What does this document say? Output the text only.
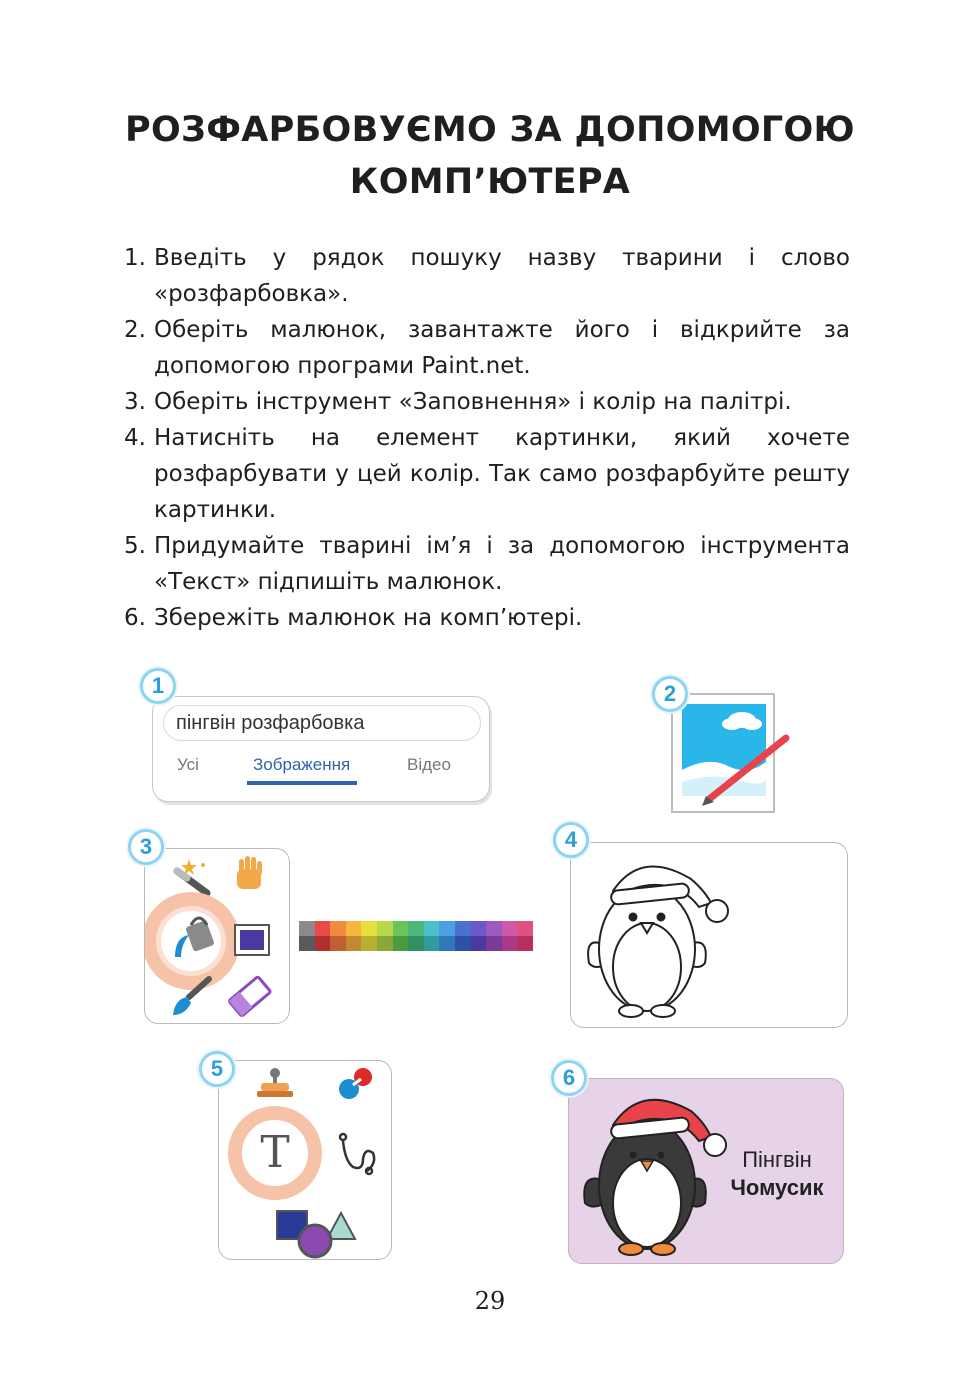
РОЗФАРБОВУЄМО ЗА ДОПОМОГОЮ
КОМП’ЮТЕРА
1. Введіть у рядок пошуку назву тварини і слово «розфарбовка».
2. Оберіть малюнок, завантажте його і відкрийте за допомогою програми Paint.net.
3. Оберіть інструмент «Заповнення» і колір на палітрі.
4. Натисніть на елемент картинки, який хочете розфарбувати у цей колір. Так само розфарбуйте решту картинки.
5. Придумайте тварині ім’я і за допомогою інструмента «Текст» підпишіть малюнок.
6. Збережіть малюнок на комп’ютері.
пінгвін розфарбовка
Усі	Зображення	Відео
1	2
3	4
T
5
Пінгвін
Чомусик
6
29
